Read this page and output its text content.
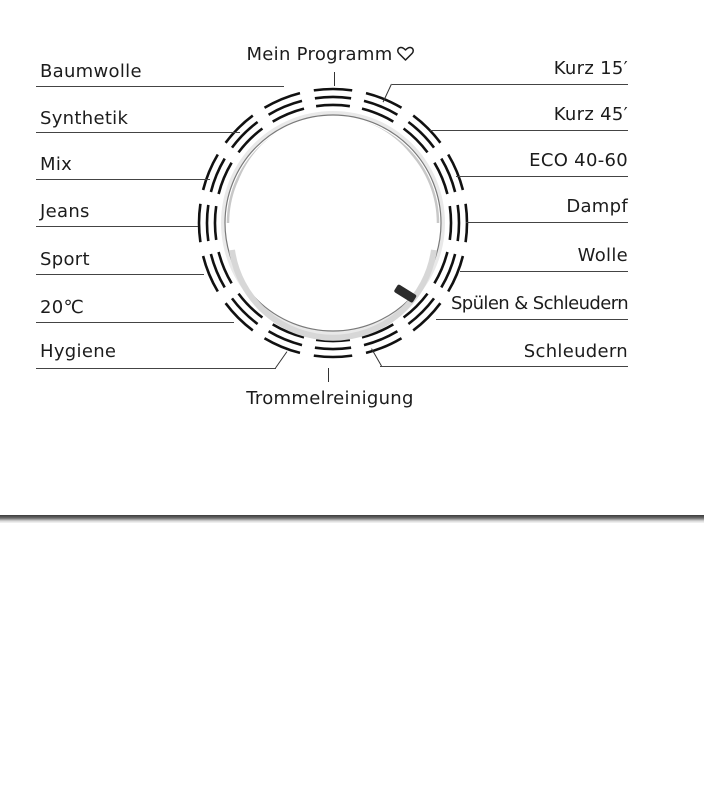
Mein Programm
Trommelreinigung
Baumwolle
Synthetik
Mix
Jeans
Sport
20℃
Hygiene
Kurz 15′
Kurz 45′
ECO 40-60
Dampf
Wolle
Spülen & Schleudern
Schleudern
